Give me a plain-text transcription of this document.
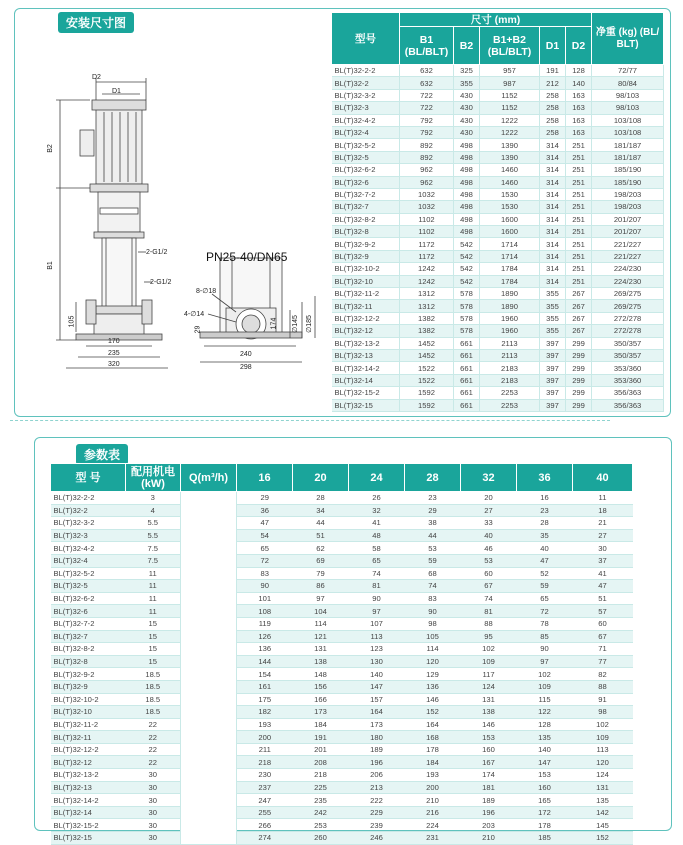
安装尺寸图
D2
D1
B2
B1
2-G1/2
2-G1/2
105
170
235
320
8-∅18
4-∅14
29	∅145 ∅185
240
298
174
PN25-40/DN65
型号	尺寸 (mm)					净重 (kg) (BL/ BLT)
	B1 (BL/BLT)	B2	B1+B2 (BL/BLT)	D1	D2	
BL(T)32-2-2	632	325	957	191	128	72/77
BL(T)32-2	632	355	987	212	140	80/84
BL(T)32-3-2	722	430	1152	258	163	98/103
BL(T)32-3	722	430	1152	258	163	98/103
BL(T)32-4-2	792	430	1222	258	163	103/108
BL(T)32-4	792	430	1222	258	163	103/108
BL(T)32-5-2	892	498	1390	314	251	181/187
BL(T)32-5	892	498	1390	314	251	181/187
BL(T)32-6-2	962	498	1460	314	251	185/190
BL(T)32-6	962	498	1460	314	251	185/190
BL(T)32-7-2	1032	498	1530	314	251	198/203
BL(T)32-7	1032	498	1530	314	251	198/203
BL(T)32-8-2	1102	498	1600	314	251	201/207
BL(T)32-8	1102	498	1600	314	251	201/207
BL(T)32-9-2	1172	542	1714	314	251	221/227
BL(T)32-9	1172	542	1714	314	251	221/227
BL(T)32-10-2	1242	542	1784	314	251	224/230
BL(T)32-10	1242	542	1784	314	251	224/230
BL(T)32-11-2	1312	578	1890	355	267	269/275
BL(T)32-11	1312	578	1890	355	267	269/275
BL(T)32-12-2	1382	578	1960	355	267	272/278
BL(T)32-12	1382	578	1960	355	267	272/278
BL(T)32-13-2	1452	661	2113	397	299	350/357
BL(T)32-13	1452	661	2113	397	299	350/357
BL(T)32-14-2	1522	661	2183	397	299	353/360
BL(T)32-14	1522	661	2183	397	299	353/360
BL(T)32-15-2	1592	661	2253	397	299	356/363
BL(T)32-15	1592	661	2253	397	299	356/363
参数表
型 号	配用机电 (kW)	Q(m³/h)	16	20	24	28	32	36	40
BL(T)32-2-2	3		29	28	26	23	20	16	11
BL(T)32-2	4		36	34	32	29	27	23	18
BL(T)32-3-2	5.5		47	44	41	38	33	28	21
BL(T)32-3	5.5		54	51	48	44	40	35	27
BL(T)32-4-2	7.5		65	62	58	53	46	40	30
BL(T)32-4	7.5		72	69	65	59	53	47	37
BL(T)32-5-2	11		83	79	74	68	60	52	41
BL(T)32-5	11		90	86	81	74	67	59	47
BL(T)32-6-2	11		101	97	90	83	74	65	51
BL(T)32-6	11		108	104	97	90	81	72	57
BL(T)32-7-2	15		119	114	107	98	88	78	60
BL(T)32-7	15		126	121	113	105	95	85	67
BL(T)32-8-2	15		136	131	123	114	102	90	71
BL(T)32-8	15		144	138	130	120	109	97	77
BL(T)32-9-2	18.5		154	148	140	129	117	102	82
BL(T)32-9	18.5		161	156	147	136	124	109	88
BL(T)32-10-2	18.5		175	166	157	146	131	115	91
BL(T)32-10	18.5		182	173	164	152	138	122	98
BL(T)32-11-2	22		193	184	173	164	146	128	102
BL(T)32-11	22		200	191	180	168	153	135	109
BL(T)32-12-2	22		211	201	189	178	160	140	113
BL(T)32-12	22		218	208	196	184	167	147	120
BL(T)32-13-2	30		230	218	206	193	174	153	124
BL(T)32-13	30		237	225	213	200	181	160	131
BL(T)32-14-2	30		247	235	222	210	189	165	135
BL(T)32-14	30		255	242	229	216	196	172	142
BL(T)32-15-2	30		266	253	239	224	203	178	145
BL(T)32-15	30		274	260	246	231	210	185	152
